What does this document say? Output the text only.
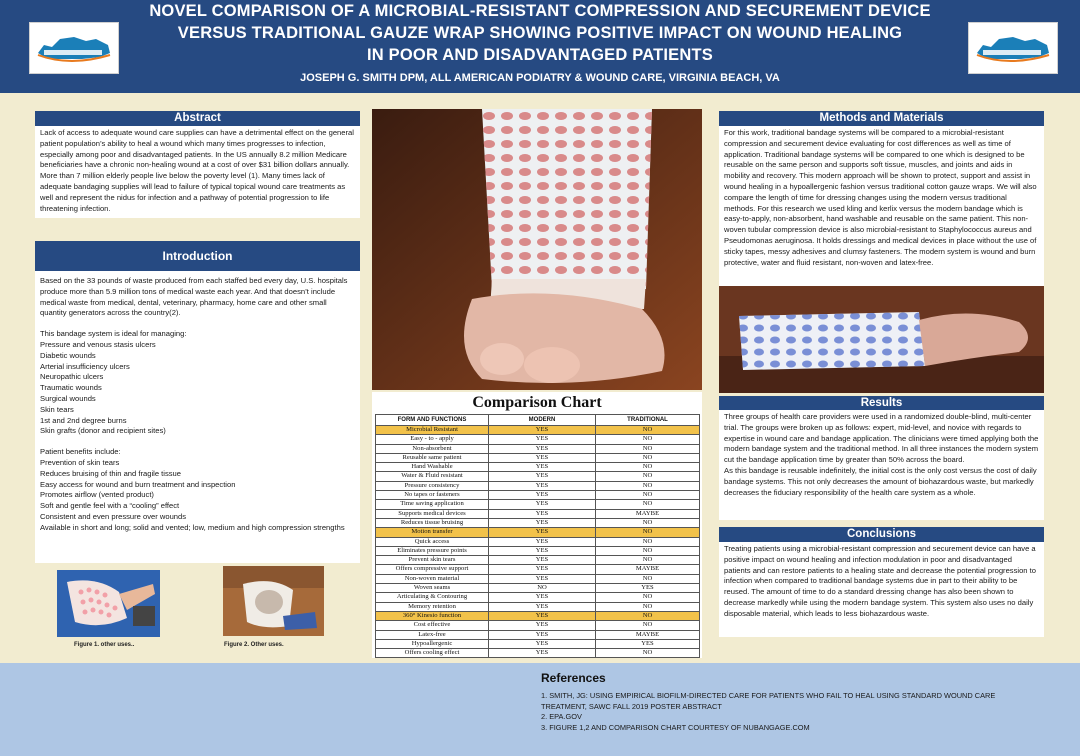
NOVEL COMPARISON OF A MICROBIAL-RESISTANT COMPRESSION AND SECUREMENT DEVICE
VERSUS TRADITIONAL GAUZE WRAP SHOWING POSITIVE IMPACT ON WOUND HEALING
IN POOR AND DISADVANTAGED PATIENTS
JOSEPH G. SMITH DPM, ALL AMERICAN PODIATRY & WOUND CARE, VIRGINIA BEACH, VA
Abstract
Lack of access to adequate wound care supplies can have a detrimental effect on the general patient population’s ability to heal a wound which many times progresses to infection, especially among poor and disadvantaged patients. In the US annually 8.2 million Medicare beneficiaries have a chronic non-healing wound at a cost of over $31 billion dollars annually. More than 7 million elderly people live below the poverty level (1). Many times lack of adequate bandaging supplies will lead to failure of typical topical wound care treatments as well and represent the nidus for infection and a pathway of potential progression to life threatening infection.
Introduction

Based on the 33 pounds of waste produced from each staffed bed every day, U.S. hospitals produce more than 5.9 million tons of medical waste each year. And that doesn’t include medical waste from medical, dental, veterinary, pharmacy, home care and other small quantity generators across the country(2).

This bandage system is ideal for managing:

Pressure and venous stasis ulcers

Diabetic wounds

Arterial insufficiency ulcers

Neuropathic ulcers

Traumatic wounds

Surgical wounds

Skin tears

1st and 2nd degree burns

Skin grafts (donor and recipient sites)

Patient benefits include:

Prevention of skin tears

Reduces bruising of thin and fragile tissue

Easy access for wound and burn treatment and inspection

Promotes airflow (vented product)

Soft and gentle feel with a “cooling” effect

Consistent and even pressure over wounds

Available in short and long; solid and vented; low, medium and high compression strengths

Figure 1. other uses..	Figure 2. Other uses.
Comparison Chart
FORM AND FUNCTIONS	MODERN	TRADITIONAL
Microbial Resistant	YES	NO
Easy - to - apply	YES	NO
Non-absorbent	YES	NO
Reusable same patient	YES	NO
Hand Washable	YES	NO
Water & Fluid resistant	YES	NO
Pressure consistency	YES	NO
No tapes or fasteners	YES	NO
Time saving application	YES	NO
Supports medical devices	YES	MAYBE
Reduces tissue bruising	YES	NO
Motion transfer	YES	NO
Quick access	YES	NO
Eliminates pressure points	YES	NO
Prevent skin tears	YES	NO
Offers compressive support	YES	MAYBE
Non-woven material	YES	NO
Woven seams	NO	YES
Articulating & Contouring	YES	NO
Memory retention	YES	NO
360° Kinesio function	YES	NO
Cost effective	YES	NO
Latex-free	YES	MAYBE
Hypoallergenic	YES	YES
Offers cooling effect	YES	NO
Methods and Materials
For this work, traditional bandage systems will be compared to a microbial-resistant compression and securement device evaluating for cost differences as well as time of application. Traditional bandage systems will be compared to one which is designed to be reusable on the same person and supports soft tissue, muscles, and joints and aids in mobility and recovery. This modern approach will be shown to protect, support and assist in wound healing in a hypoallergenic fashion versus traditional cotton gauze wraps. We will also compare the length of time for dressing changes using the modern versus traditional methods. For this research we used kling and kerlix versus the modern bandage which is easy-to-apply, non-absorbent, hand washable and reusable on the same patient. This non-woven tubular compression device is also microbial-resistant to Staphylococcus aureus and Pseudomonas aeruginosa. It holds dressings and medical devices in place without the use of sticky tapes, messy adhesives and clumsy fasteners. The modern system is wound and burn protective, water and fluid resistant, non-woven and latex-free.
Results

Three groups of health care providers were used in a randomized double-blind, multi-center trial. The groups were broken up as follows: expert, mid-level, and novice with regards to expertise in wound care and bandage application. The clinicians were timed applying both the modern bandage system and the traditional method. In all three instances the modern system cut the bandage application time by greater than 50% across the board.

As this bandage is reusable indefinitely, the initial cost is the only cost versus the cost of daily bandage systems. This not only decreases the amount of biohazardous waste, but markedly decreases the fiduciary responsibility of the health care system as a whole.

Conclusions
Treating patients using a microbial-resistant compression and securement device can have a positive impact on wound healing and infection modulation in poor and disadvantaged patients and can restore patients to a healing state and decrease the potential progression to infection when compared to traditional bandage systems due in part to their ability to be reused. The amount of time to do a standard dressing change has also been shown to decrease markedly while using the modern bandage system. This system also uses no daily disposable material, which leads to less biohazardous waste.
References
1. SMITH, JG: USING EMPIRICAL BIOFILM-DIRECTED CARE FOR PATIENTS WHO FAIL TO HEAL USING STANDARD WOUND CARE TREATMENT, SAWC FALL 2019 POSTER ABSTRACT
2. EPA.GOV
3. FIGURE 1,2 AND COMPARISON CHART COURTESY OF NUBANGAGE.COM
